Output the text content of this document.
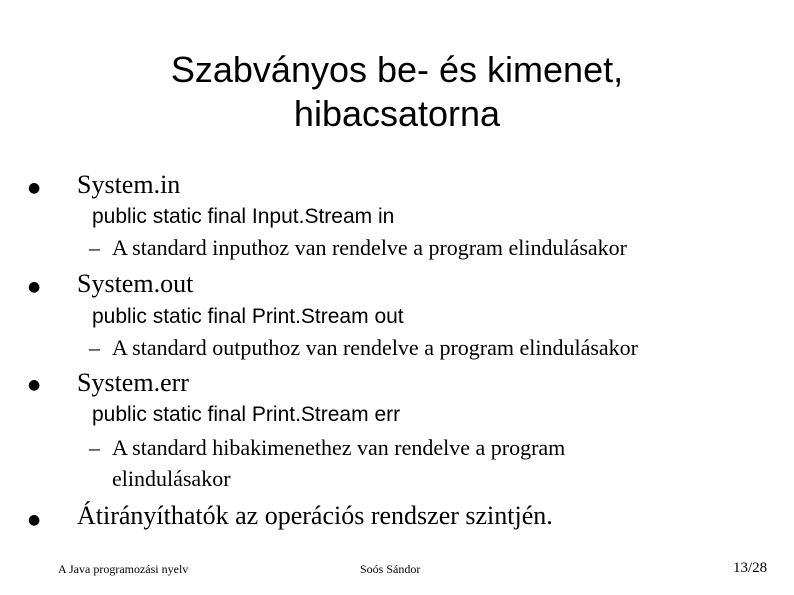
Szabványos be- és kimenet,
hibacsatorna
● System.in
public static final Input.Stream in
– A standard inputhoz van rendelve a program elindulásakor
● System.out
public static final Print.Stream out
– A standard outputhoz van rendelve a program elindulásakor
● System.err
public static final Print.Stream err
– A standard hibakimenethez van rendelve a program
elindulásakor
● Átirányíthatók az operációs rendszer szintjén.
A Java programozási nyelv	Soós Sándor	13/28
